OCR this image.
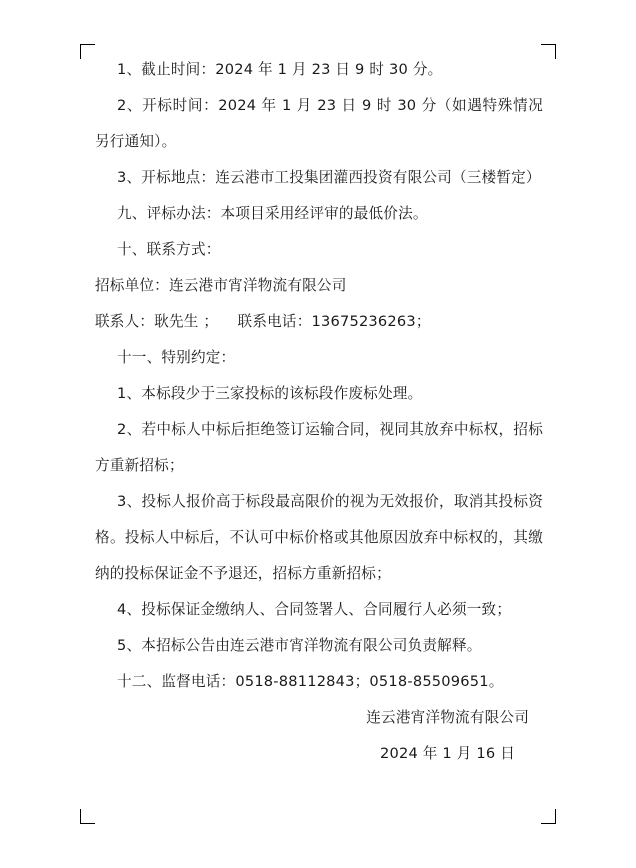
1、截止时间：2024 年 1 月 23 日 9 时 30 分。

2、开标时间：2024 年 1 月 23 日 9 时 30 分（如遇特殊情况另行通知）。

3、开标地点：连云港市工投集团灌西投资有限公司（三楼暂定）

九、评标办法：本项目采用经评审的最低价法。

十、联系方式：

招标单位：连云港市宵洋物流有限公司

联系人：耿先生 ；    联系电话：13675236263；

十一、特别约定：

1、本标段少于三家投标的该标段作废标处理。

2、若中标人中标后拒绝签订运输合同，视同其放弃中标权，招标方重新招标；

3、投标人报价高于标段最高限价的视为无效报价，取消其投标资格。投标人中标后，不认可中标价格或其他原因放弃中标权的，其缴纳的投标保证金不予退还，招标方重新招标；

4、投标保证金缴纳人、合同签署人、合同履行人必须一致；

5、本招标公告由连云港市宵洋物流有限公司负责解释。

十二、监督电话：0518-88112843；0518-85509651。

连云港宵洋物流有限公司

2024 年 1 月 16 日
